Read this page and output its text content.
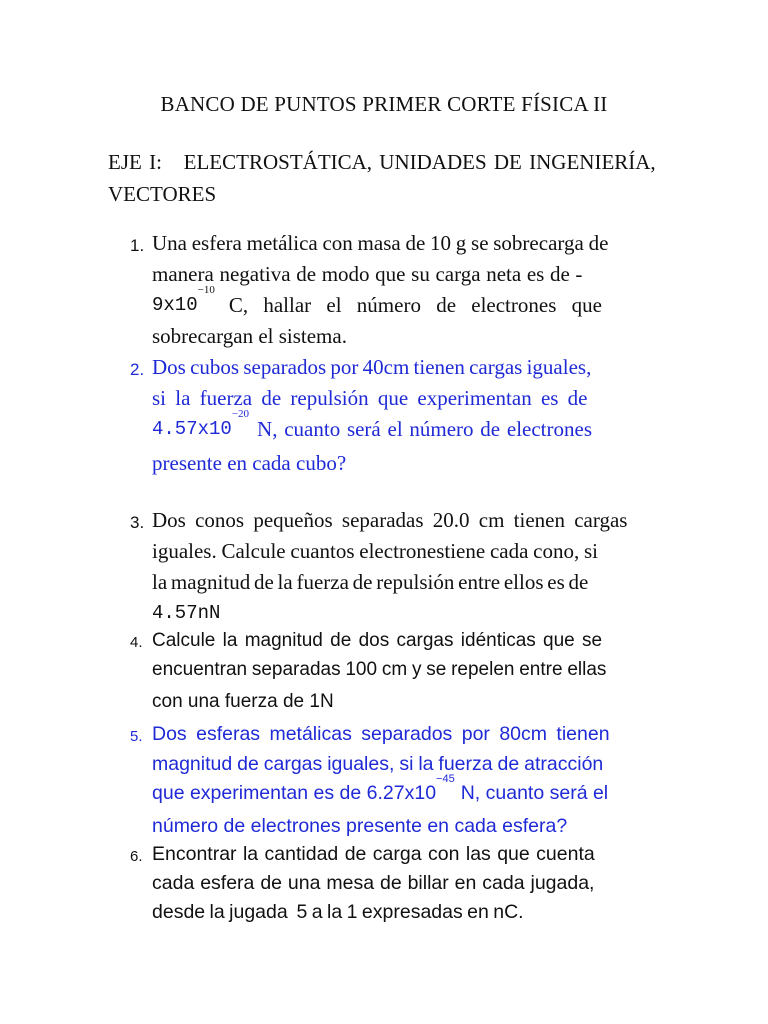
BANCO DE PUNTOS PRIMER CORTE FÍSICA II
EJE I:   ELECTROSTÁTICA, UNIDADES DE INGENIERÍA,
VECTORES
1. Una esfera metálica con masa de 10 g se sobrecarga de
manera negativa de modo que su carga neta es de -
9x10
−10
C, hallar el número de electrones que
sobrecargan el sistema.
2. Dos cubos separados por 40cm tienen cargas iguales,
si la fuerza de repulsión que experimentan es de
4.57x10
−20
N, cuanto será el número de electrones
presente en cada cubo?
3. Dos conos pequeños separadas 20.0 cm tienen cargas
iguales. Calcule cuantos electronestiene cada cono, si
la magnitud de la fuerza de repulsión entre ellos es de
4.57nN
4. Calcule la magnitud de dos cargas idénticas que se
encuentran separadas 100 cm y se repelen entre ellas
con una fuerza de 1N
5. Dos esferas metálicas separados por 80cm tienen
magnitud de cargas iguales, si la fuerza de atracción
que experimentan es de 6.27x10
−45
N, cuanto será el
número de electrones presente en cada esfera?
6. Encontrar la cantidad de carga con las que cuenta
cada esfera de una mesa de billar en cada jugada,
desde la jugada  5 a la 1 expresadas en nC.
